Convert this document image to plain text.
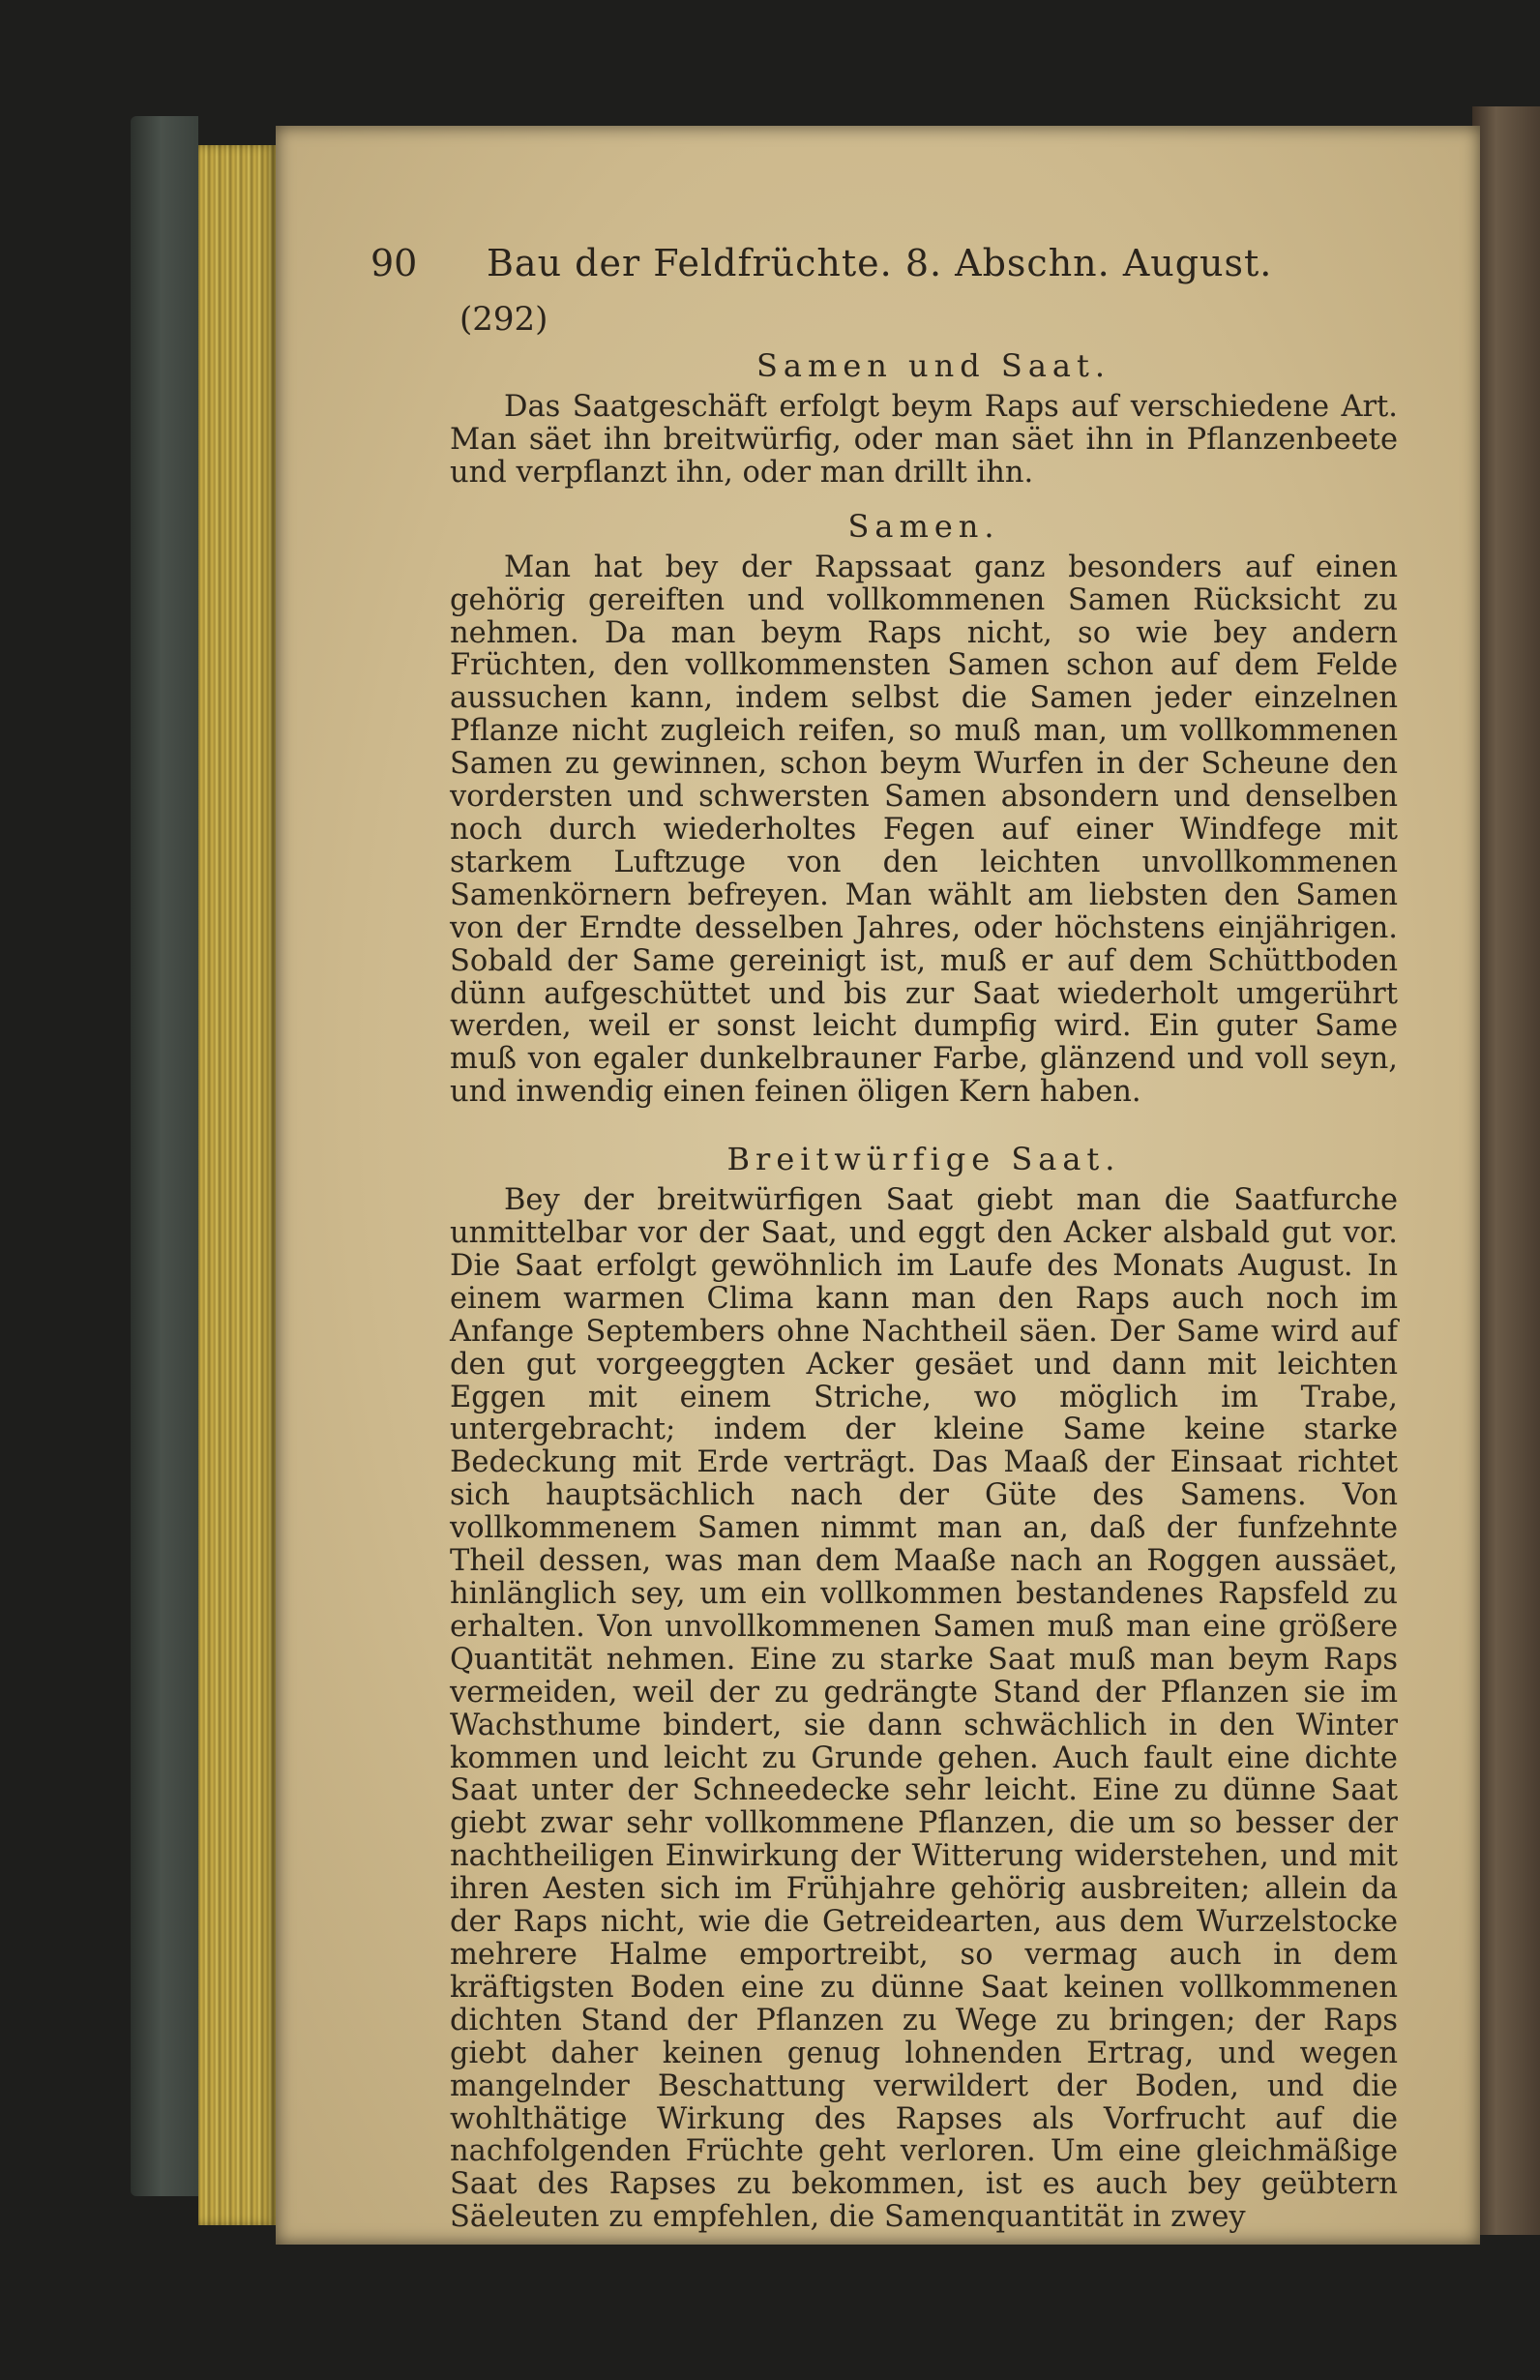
90 Bau der Feldfrüchte. 8. Abschn. August.
(292)
Samen und Saat.

Das Saatgeschäft erfolgt beym Raps auf verschiedene Art. Man säet ihn breitwürfig, oder man säet ihn in Pflanzenbeete und verpflanzt ihn, oder man drillt ihn.

Samen.

Man hat bey der Rapssaat ganz besonders auf einen gehörig gereiften und vollkommenen Samen Rücksicht zu nehmen. Da man beym Raps nicht, so wie bey andern Früchten, den vollkommensten Samen schon auf dem Felde aussuchen kann, indem selbst die Samen jeder einzelnen Pflanze nicht zugleich reifen, so muß man, um vollkommenen Samen zu gewinnen, schon beym Wurfen in der Scheune den vordersten und schwersten Samen absondern und denselben noch durch wiederholtes Fegen auf einer Windfege mit starkem Luftzuge von den leichten unvollkommenen Samenkörnern befreyen. Man wählt am liebsten den Samen von der Erndte desselben Jahres, oder höchstens einjährigen. Sobald der Same gereinigt ist, muß er auf dem Schüttboden dünn aufgeschüttet und bis zur Saat wiederholt umgerührt werden, weil er sonst leicht dumpfig wird. Ein guter Same muß von egaler dunkelbrauner Farbe, glänzend und voll seyn, und inwendig einen feinen öligen Kern haben.

Breitwürfige Saat.

Bey der breitwürfigen Saat giebt man die Saatfurche unmittelbar vor der Saat, und eggt den Acker alsbald gut vor. Die Saat erfolgt gewöhnlich im Laufe des Monats August. In einem warmen Clima kann man den Raps auch noch im Anfange Septembers ohne Nachtheil säen. Der Same wird auf den gut vorgeeggten Acker gesäet und dann mit leichten Eggen mit einem Striche, wo möglich im Trabe, untergebracht; indem der kleine Same keine starke Bedeckung mit Erde verträgt. Das Maaß der Einsaat richtet sich hauptsächlich nach der Güte des Samens. Von vollkommenem Samen nimmt man an, daß der funfzehnte Theil dessen, was man dem Maaße nach an Roggen aussäet, hinlänglich sey, um ein vollkommen bestandenes Rapsfeld zu erhalten. Von unvollkommenen Samen muß man eine größere Quantität nehmen. Eine zu starke Saat muß man beym Raps vermeiden, weil der zu gedrängte Stand der Pflanzen sie im Wachsthume bindert, sie dann schwächlich in den Winter kommen und leicht zu Grunde gehen. Auch fault eine dichte Saat unter der Schneedecke sehr leicht. Eine zu dünne Saat giebt zwar sehr vollkommene Pflanzen, die um so besser der nachtheiligen Einwirkung der Witterung widerstehen, und mit ihren Aesten sich im Frühjahre gehörig ausbreiten; allein da der Raps nicht, wie die Getreidearten, aus dem Wurzelstocke mehrere Halme emportreibt, so vermag auch in dem kräftigsten Boden eine zu dünne Saat keinen vollkommenen dichten Stand der Pflanzen zu Wege zu bringen; der Raps giebt daher keinen genug lohnenden Ertrag, und wegen mangelnder Beschattung verwildert der Boden, und die wohlthätige Wirkung des Rapses als Vorfrucht auf die nachfolgenden Früchte geht verloren. Um eine gleichmäßige Saat des Rapses zu bekommen, ist es auch bey geübtern Säeleuten zu empfehlen, die Samenquantität in zwey
